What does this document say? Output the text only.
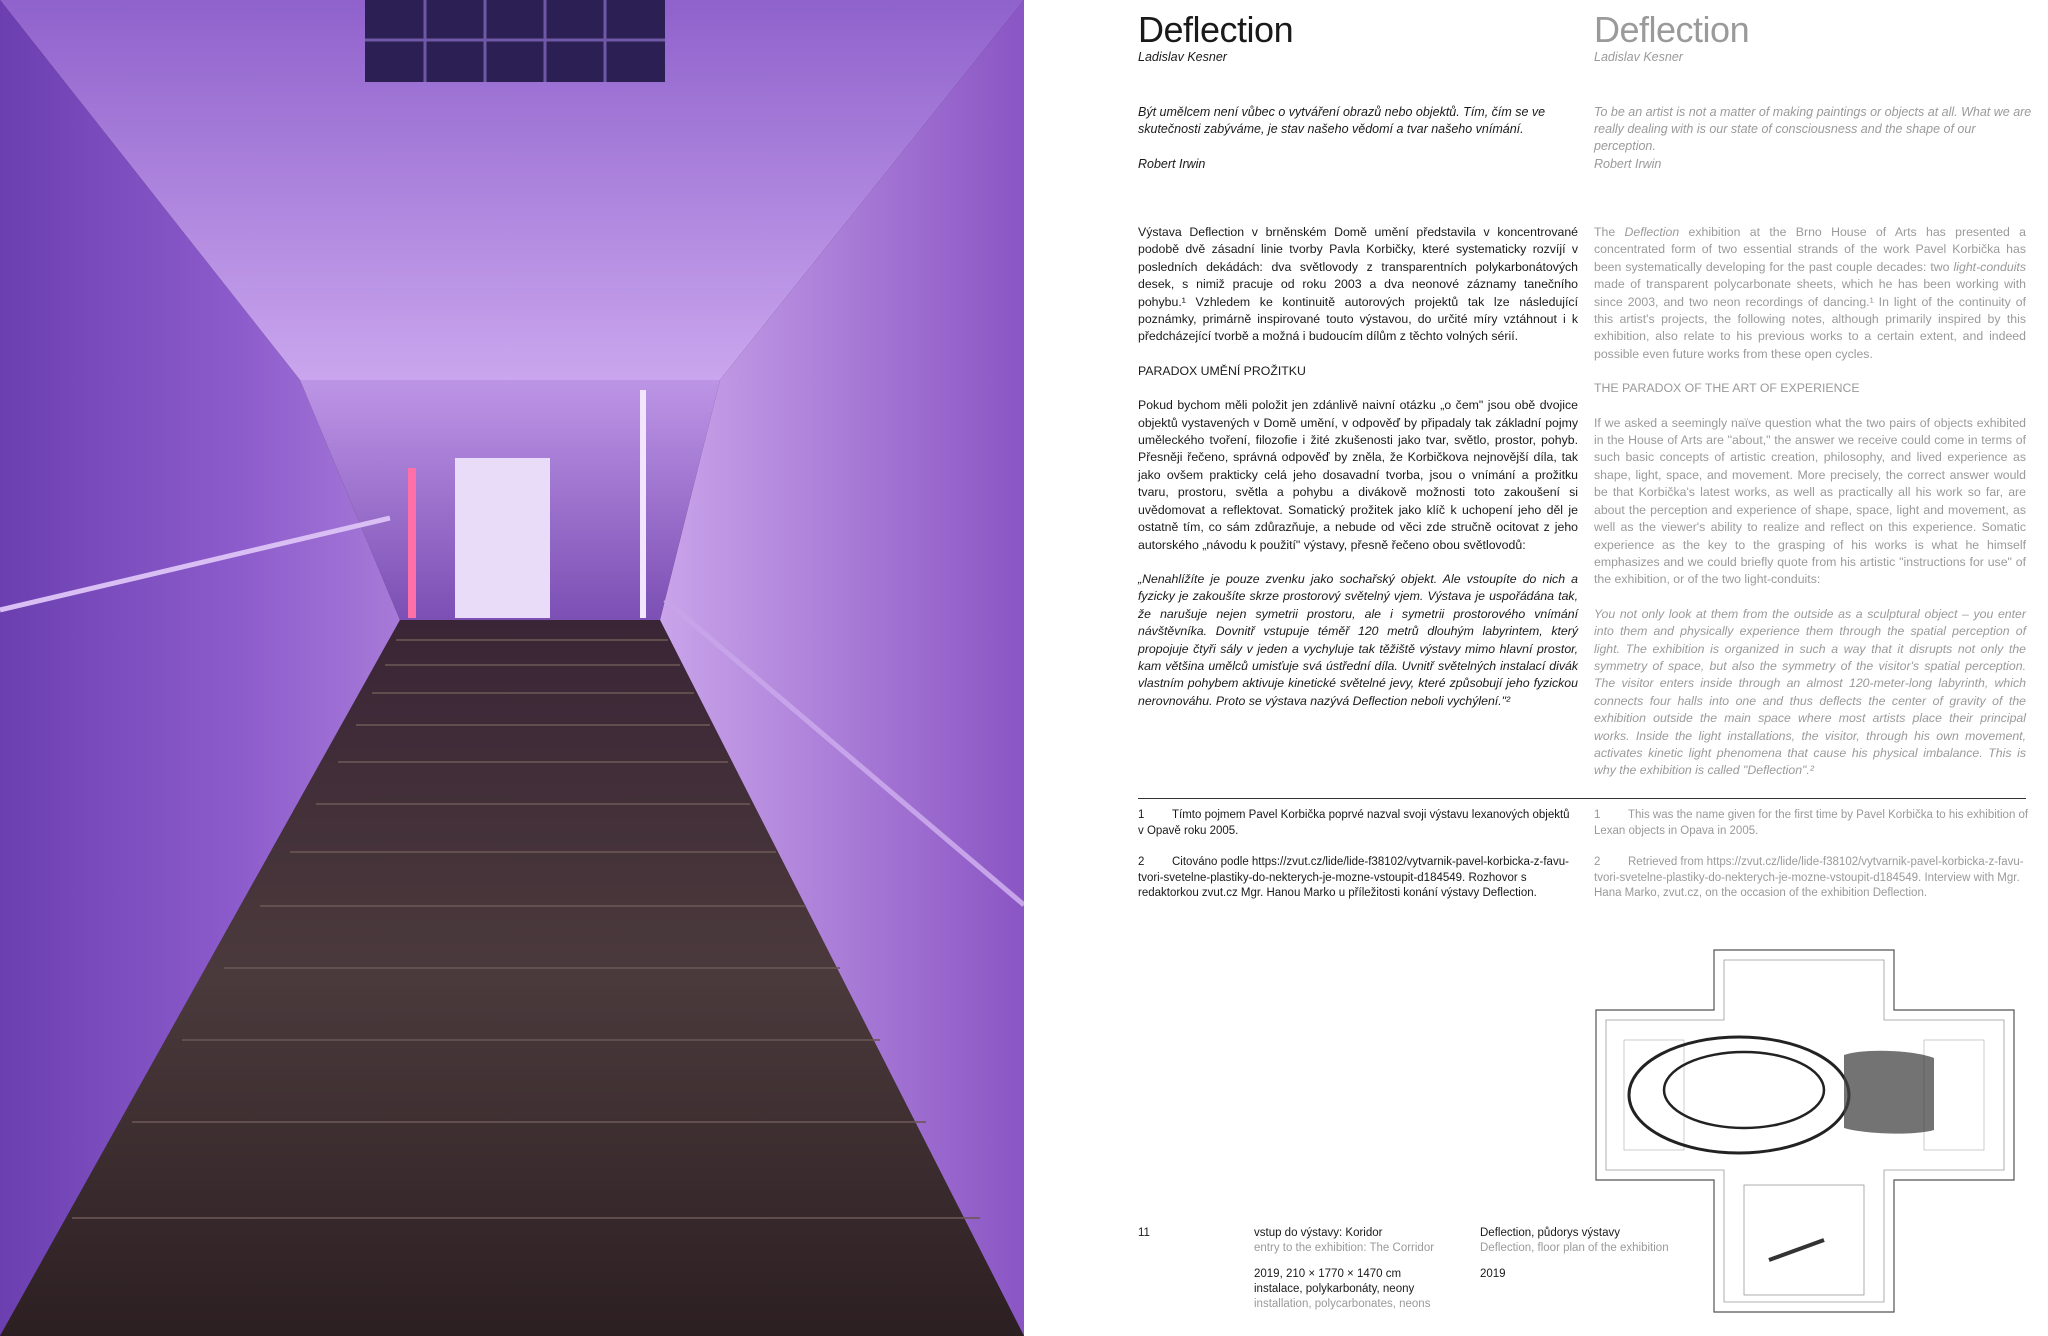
Deflection
Ladislav Kesner
Být umělcem není vůbec o vytváření obrazů nebo objektů. Tím, čím se ve skutečnosti zabýváme, je stav našeho vědomí a tvar našeho vnímání.
Robert Irwin

Výstava Deflection v brněnském Domě umění představila v koncentrované podobě dvě zásadní linie tvorby Pavla Korbičky, které systematicky rozvíjí v posledních dekádách: dva světlovody z transparentních polykarbonátových desek, s nimiž pracuje od roku 2003 a dva neonové záznamy tanečního pohybu.¹ Vzhledem ke kontinuitě autorových projektů tak lze následující poznámky, primárně inspirované touto výstavou, do určité míry vztáhnout i k předcházející tvorbě a možná i budoucím dílům z těchto volných sérií.

PARADOX UMĚNÍ PROŽITKU

Pokud bychom měli položit jen zdánlivě naivní otázku „o čem" jsou obě dvojice objektů vystavených v Domě umění, v odpověď by připadaly tak základní pojmy uměleckého tvoření, filozofie i žité zkušenosti jako tvar, světlo, prostor, pohyb. Přesněji řečeno, správná odpověď by zněla, že Korbičkova nejnovější díla, tak jako ovšem prakticky celá jeho dosavadní tvorba, jsou o vnímání a prožitku tvaru, prostoru, světla a pohybu a divákově možnosti toto zakoušení si uvědomovat a reflektovat. Somatický prožitek jako klíč k uchopení jeho děl je ostatně tím, co sám zdůrazňuje, a nebude od věci zde stručně ocitovat z jeho autorského „návodu k použití" výstavy, přesně řečeno obou světlovodů:

„Nenahlížíte je pouze zvenku jako sochařský objekt. Ale vstoupíte do nich a fyzicky je zakoušíte skrze prostorový světelný vjem. Výstava je uspořádána tak, že narušuje nejen symetrii prostoru, ale i symetrii prostorového vnímání návštěvníka. Dovnitř vstupuje téměř 120 metrů dlouhým labyrintem, který propojuje čtyři sály v jeden a vychyluje tak těžiště výstavy mimo hlavní prostor, kam většina umělců umisťuje svá ústřední díla. Uvnitř světelných instalací divák vlastním pohybem aktivuje kinetické světelné jevy, které způsobují jeho fyzickou nerovnováhu. Proto se výstava nazývá Deflection neboli vychýlení."²

Deflection
Ladislav Kesner
To be an artist is not a matter of making paintings or objects at all. What we are really dealing with is our state of consciousness and the shape of our perception.
Robert Irwin

The Deflection exhibition at the Brno House of Arts has presented a concentrated form of two essential strands of the work Pavel Korbička has been systematically developing for the past couple decades: two light-conduits made of transparent polycarbonate sheets, which he has been working with since 2003, and two neon recordings of dancing.¹ In light of the continuity of this artist's projects, the following notes, although primarily inspired by this exhibition, also relate to his previous works to a certain extent, and indeed possible even future works from these open cycles.

THE PARADOX OF THE ART OF EXPERIENCE

If we asked a seemingly naïve question what the two pairs of objects exhibited in the House of Arts are "about," the answer we receive could come in terms of such basic concepts of artistic creation, philosophy, and lived experience as shape, light, space, and movement. More precisely, the correct answer would be that Korbička's latest works, as well as practically all his work so far, are about the perception and experience of shape, space, light and movement, as well as the viewer's ability to realize and reflect on this experience. Somatic experience as the key to the grasping of his works is what he himself emphasizes and we could briefly quote from his artistic "instructions for use" of the exhibition, or of the two light-conduits:

You not only look at them from the outside as a sculptural object – you enter into them and physically experience them through the spatial perception of light. The exhibition is organized in such a way that it disrupts not only the symmetry of space, but also the symmetry of the visitor's spatial perception. The visitor enters inside through an almost 120-meter-long labyrinth, which connects four halls into one and thus deflects the center of gravity of the exhibition outside the main space where most artists place their principal works. Inside the light installations, the visitor, through his own movement, activates kinetic light phenomena that cause his physical imbalance. This is why the exhibition is called "Deflection".²

1 Tímto pojmem Pavel Korbička poprvé nazval svoji výstavu lexanových objektů v Opavě roku 2005.

2 Citováno podle https://zvut.cz/lide/lide-f38102/vytvarnik-pavel-korbicka-z-favu-tvori-svetelne-plastiky-do-nekterych-je-mozne-vstoupit-d184549. Rozhovor s redaktorkou zvut.cz Mgr. Hanou Marko u příležitosti konání výstavy Deflection.

1 This was the name given for the first time by Pavel Korbička to his exhibition of Lexan objects in Opava in 2005.

2 Retrieved from https://zvut.cz/lide/lide-f38102/vytvarnik-pavel-korbicka-z-favu-tvori-svetelne-plastiky-do-nekterych-je-mozne-vstoupit-d184549. Interview with Mgr. Hana Marko, zvut.cz, on the occasion of the exhibition Deflection.

11	vstup do výstavy: Koridor
entry to the exhibition: The Corridor
2019, 210 × 1770 × 1470 cm
instalace, polykarbonáty, neony
installation, polycarbonates, neons
Deflection, půdorys výstavy
Deflection, floor plan of the exhibition
2019
